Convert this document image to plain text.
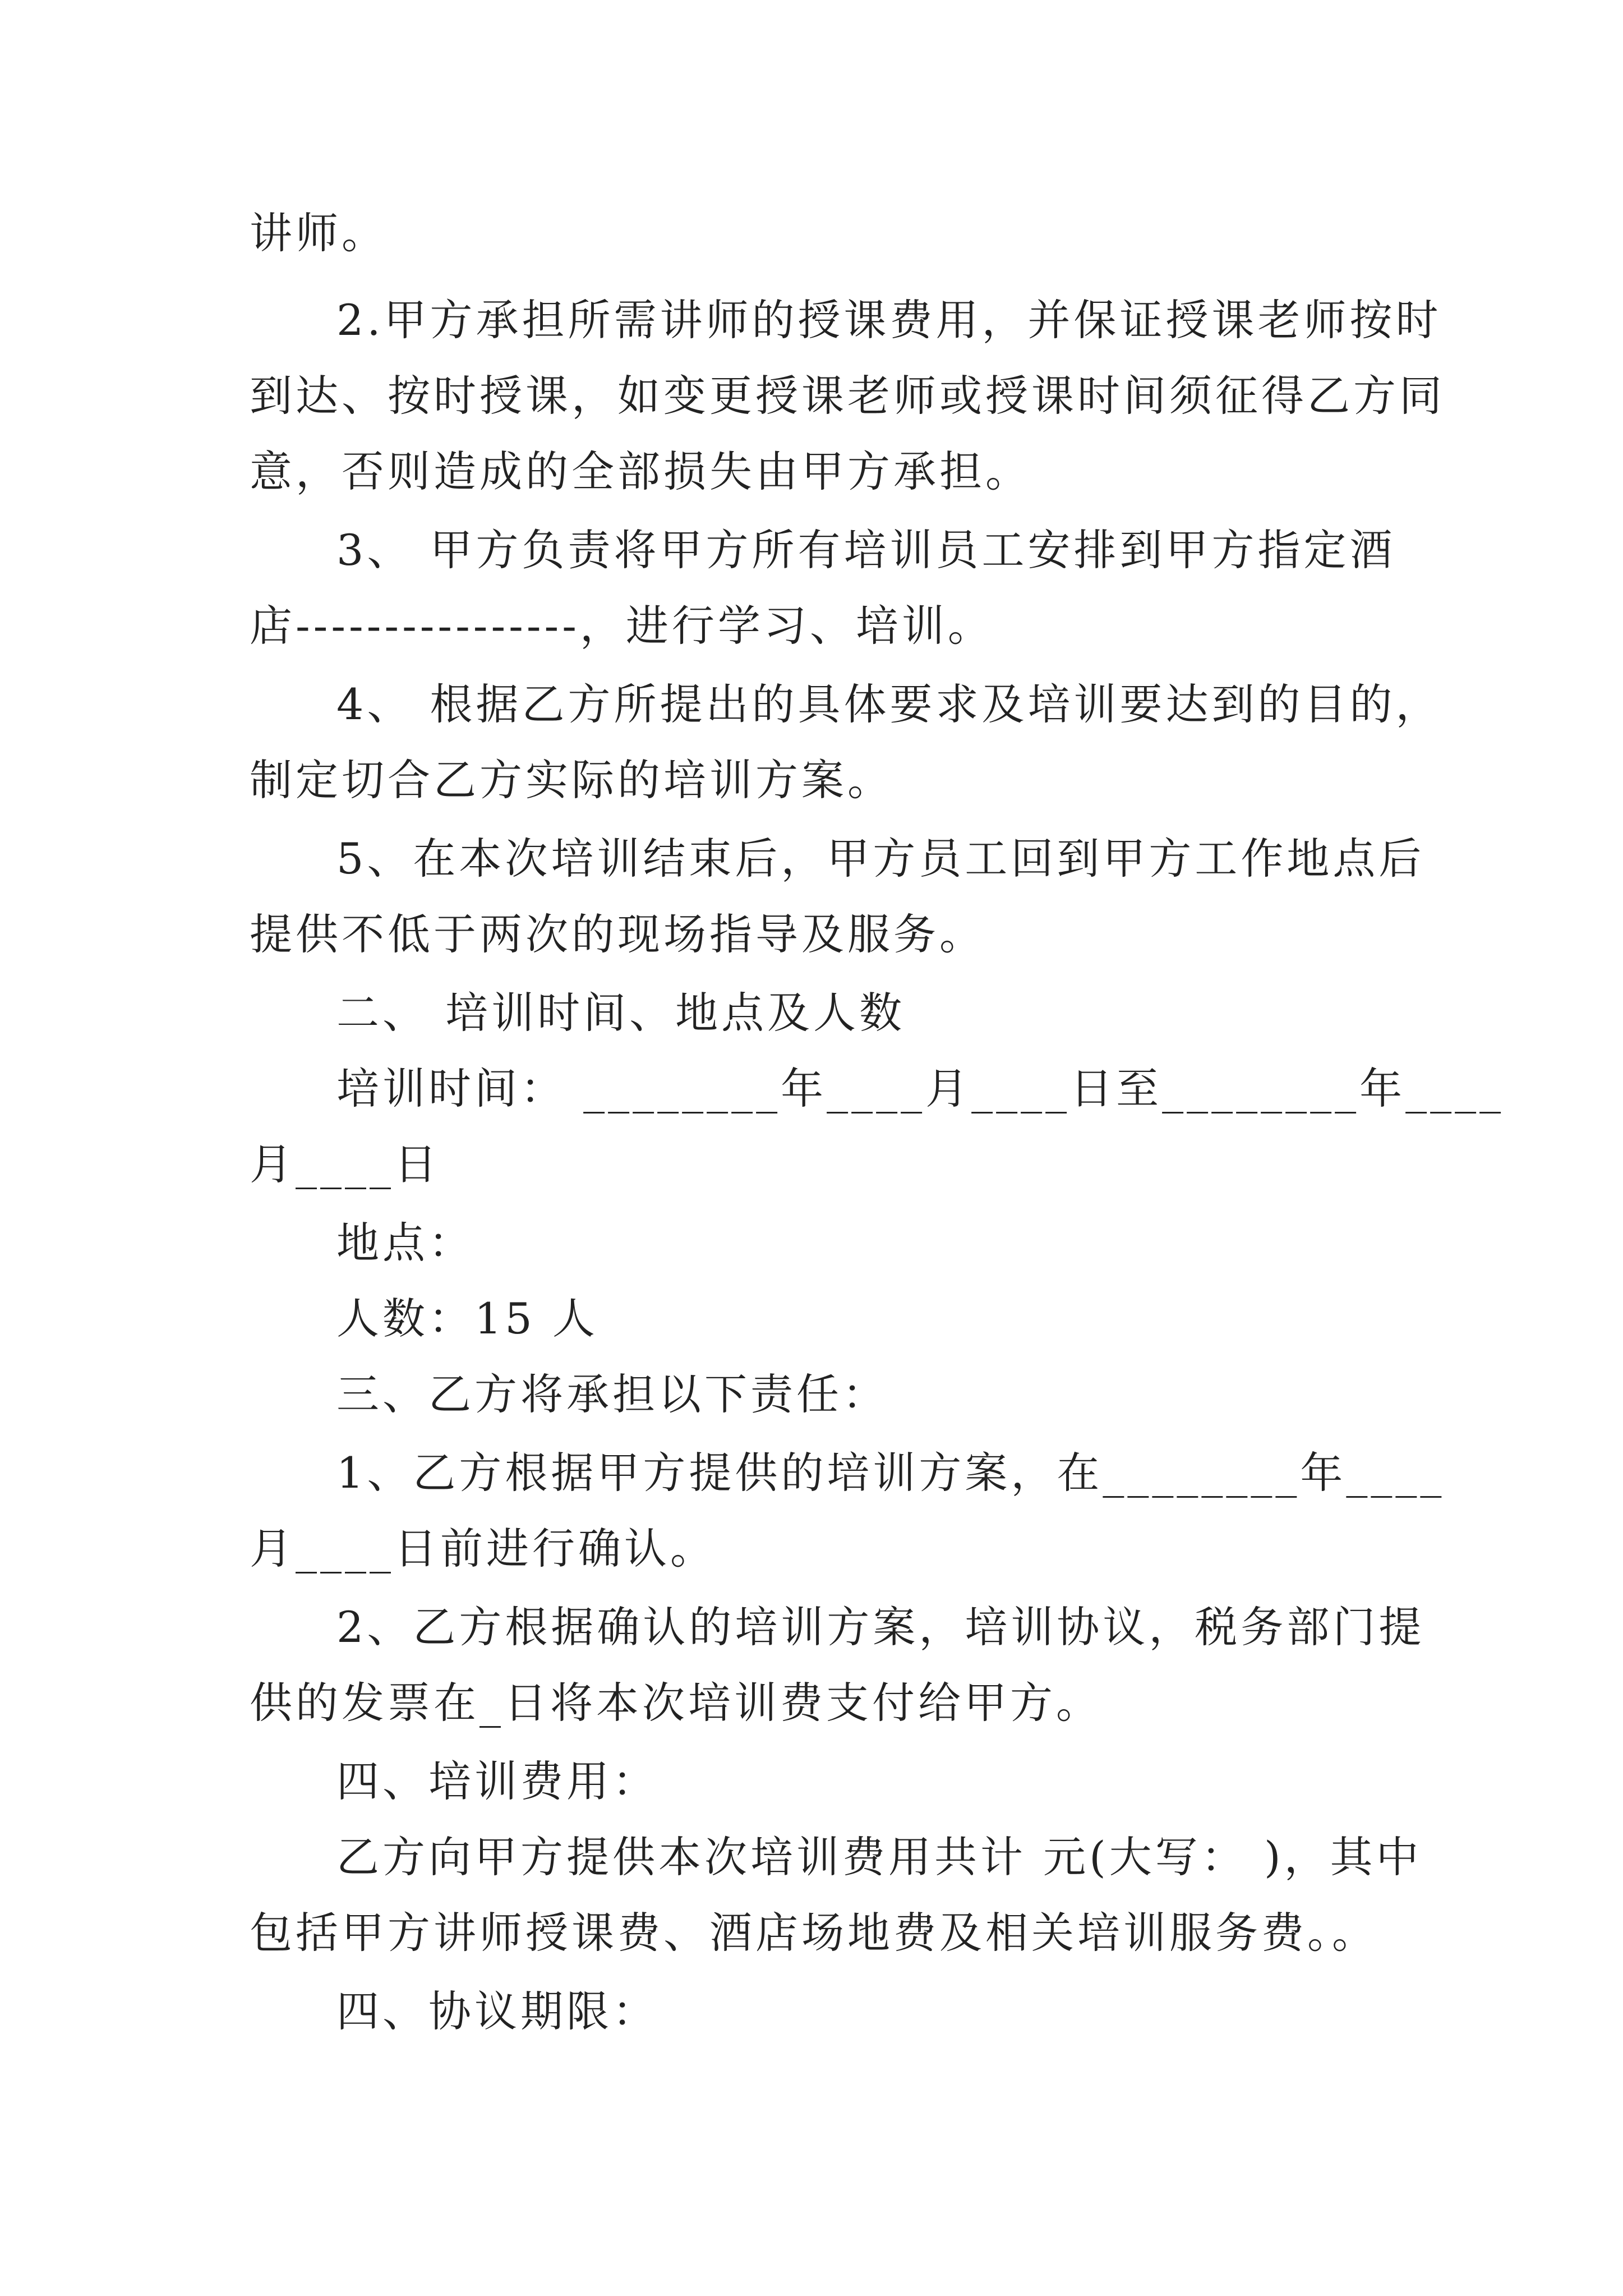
讲师。
2.甲方承担所需讲师的授课费用，并保证授课老师按时
到达、按时授课，如变更授课老师或授课时间须征得乙方同
意，否则造成的全部损失由甲方承担。
3、 甲方负责将甲方所有培训员工安排到甲方指定酒
店----------------，进行学习、培训。
4、 根据乙方所提出的具体要求及培训要达到的目的，
制定切合乙方实际的培训方案。
5、在本次培训结束后，甲方员工回到甲方工作地点后
提供不低于两次的现场指导及服务。
二、 培训时间、地点及人数
培训时间： ________年____月____日至________年____
月____日
地点：
人数：15 人
三、乙方将承担以下责任：
1、乙方根据甲方提供的培训方案，在________年____
月____日前进行确认。
2、乙方根据确认的培训方案，培训协议，税务部门提
供的发票在_日将本次培训费支付给甲方。
四、培训费用：
乙方向甲方提供本次培训费用共计 元(大写： )，其中
包括甲方讲师授课费、酒店场地费及相关培训服务费。。
四、协议期限：
